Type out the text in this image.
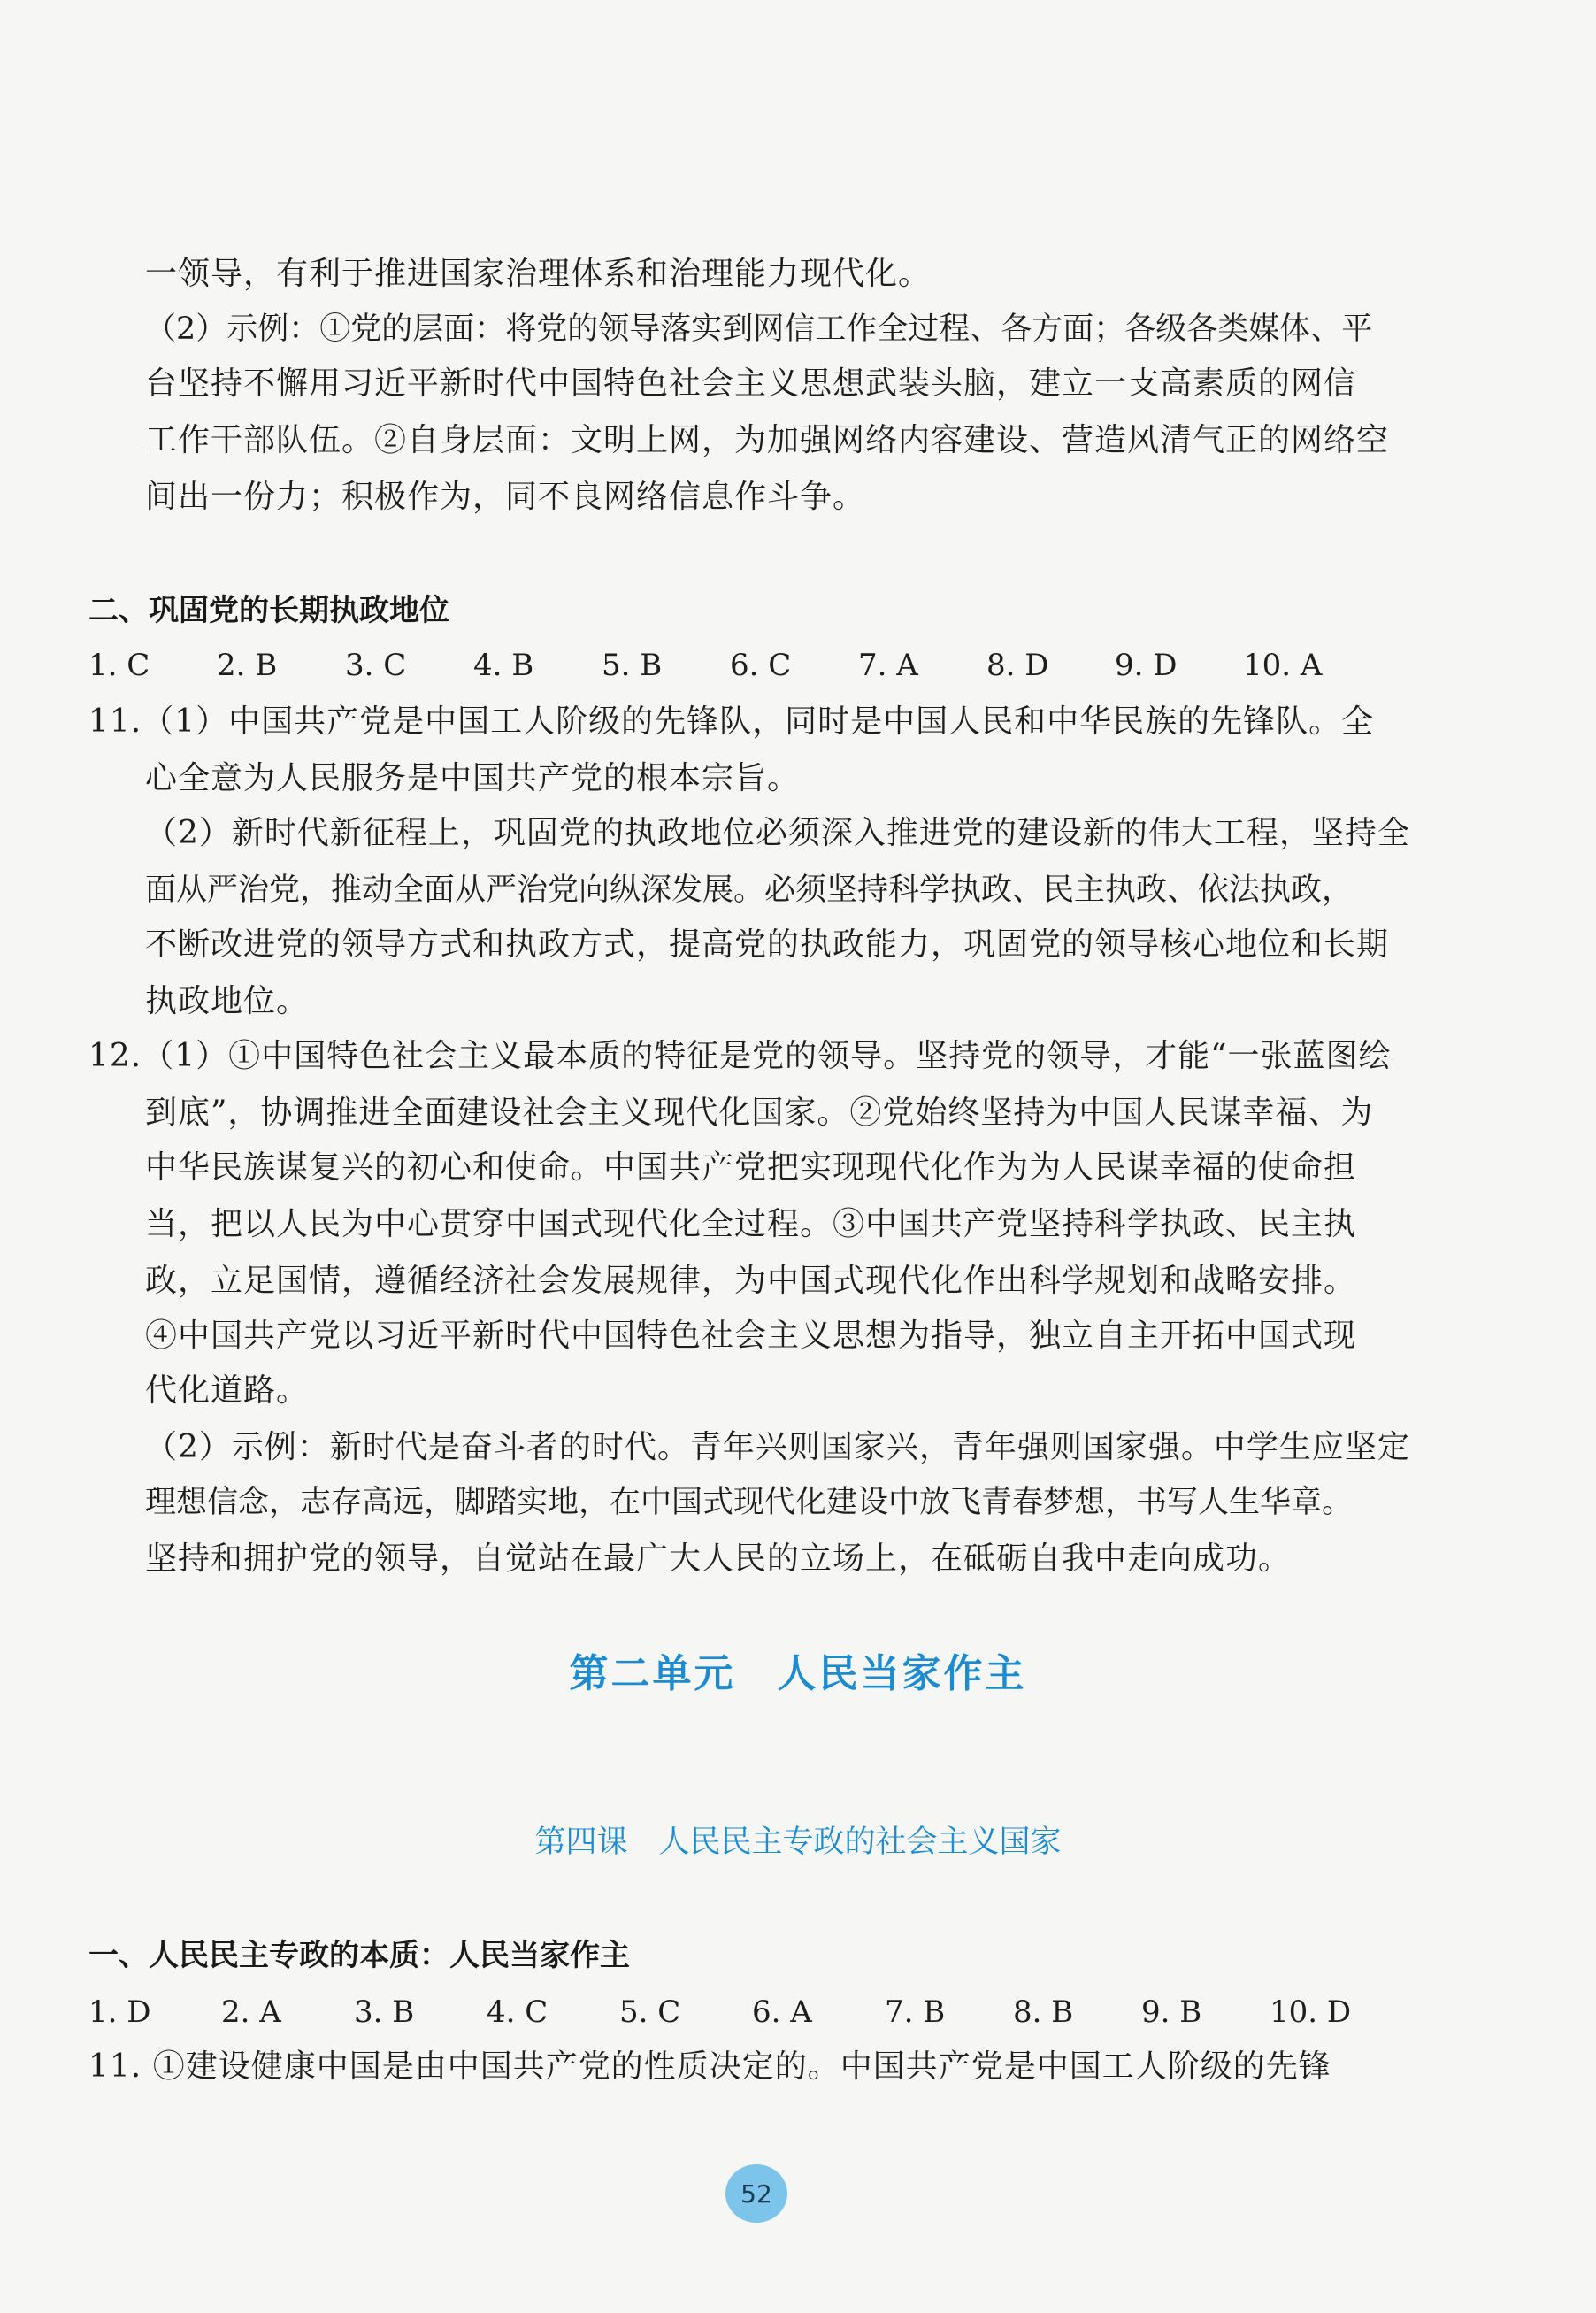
一领导，有利于推进国家治理体系和治理能力现代化。
（2）示例：①党的层面：将党的领导落实到网信工作全过程、各方面；各级各类媒体、平
台坚持不懈用习近平新时代中国特色社会主义思想武装头脑，建立一支高素质的网信
工作干部队伍。②自身层面：文明上网，为加强网络内容建设、营造风清气正的网络空
间出一份力；积极作为，同不良网络信息作斗争。
二、巩固党的长期执政地位
1. C 2. B 3. C 4. B 5. B 6. C 7. A 8. D 9. D 10. A
11.（1）中国共产党是中国工人阶级的先锋队，同时是中国人民和中华民族的先锋队。全
心全意为人民服务是中国共产党的根本宗旨。
（2）新时代新征程上，巩固党的执政地位必须深入推进党的建设新的伟大工程，坚持全
面从严治党，推动全面从严治党向纵深发展。必须坚持科学执政、民主执政、依法执政，
不断改进党的领导方式和执政方式，提高党的执政能力，巩固党的领导核心地位和长期
执政地位。
12.（1）①中国特色社会主义最本质的特征是党的领导。坚持党的领导，才能“一张蓝图绘
到底”，协调推进全面建设社会主义现代化国家。②党始终坚持为中国人民谋幸福、为
中华民族谋复兴的初心和使命。中国共产党把实现现代化作为为人民谋幸福的使命担
当，把以人民为中心贯穿中国式现代化全过程。③中国共产党坚持科学执政、民主执
政，立足国情，遵循经济社会发展规律，为中国式现代化作出科学规划和战略安排。
④中国共产党以习近平新时代中国特色社会主义思想为指导，独立自主开拓中国式现
代化道路。
（2）示例：新时代是奋斗者的时代。青年兴则国家兴，青年强则国家强。中学生应坚定
理想信念，志存高远，脚踏实地，在中国式现代化建设中放飞青春梦想，书写人生华章。
坚持和拥护党的领导，自觉站在最广大人民的立场上，在砥砺自我中走向成功。
第二单元　人民当家作主
第四课　人民民主专政的社会主义国家
一、人民民主专政的本质：人民当家作主
1. D 2. A 3. B 4. C 5. C 6. A 7. B 8. B 9. B 10. D
11. ①建设健康中国是由中国共产党的性质决定的。中国共产党是中国工人阶级的先锋
52
